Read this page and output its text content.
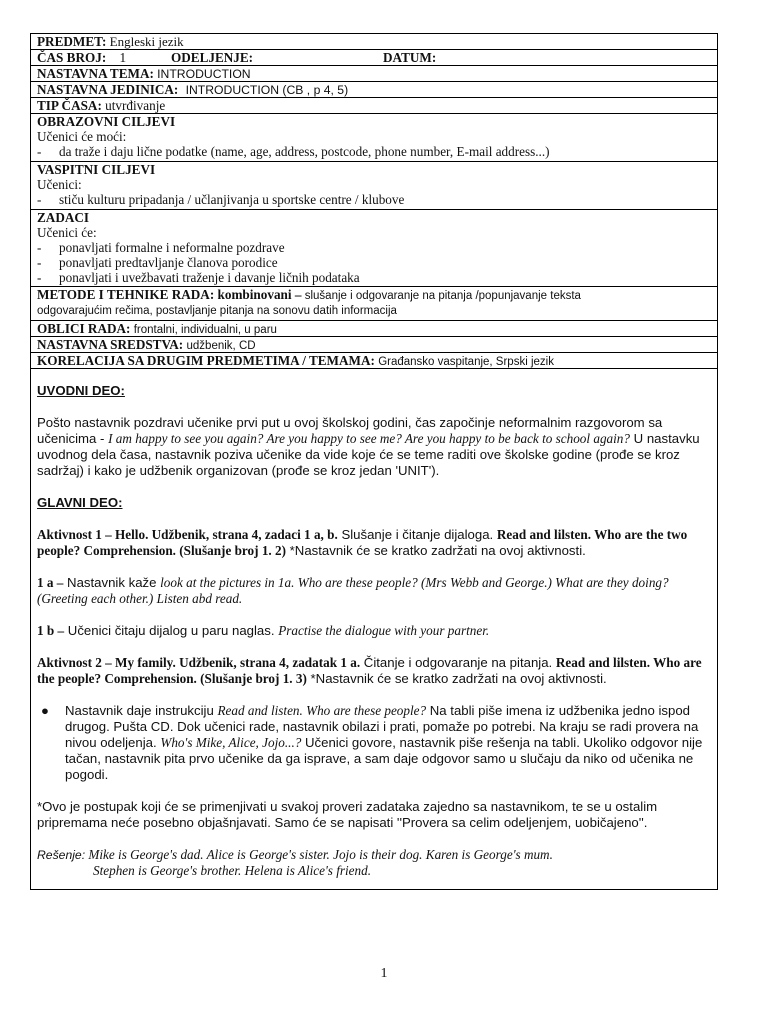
PREDMET: Engleski jezik
ČAS BROJ: 1	ODELJENJE:	DATUM:
NASTAVNA TEMA: INTRODUCTION
NASTAVNA JEDINICA: INTRODUCTION (CB , p 4, 5)
TIP ČASA: utvrđivanje
OBRAZOVNI CILJEVI
Učenici će moći:
-	da traže i daju lične podatke (name, age, address, postcode, phone number, E-mail address...)
VASPITNI CILJEVI
Učenici:
-	stiču kulturu pripadanja / učlanjivanja u sportske centre / klubove
ZADACI
Učenici će:
-	ponavljati formalne i neformalne pozdrave
-	ponavljati predtavljanje članova porodice
-	ponavljati i uvežbavati traženje i davanje ličnih podataka
METODE I TEHNIKE RADA: kombinovani – slušanje i odgovaranje na pitanja /popunjavanje teksta
odgovarajućim rečima, postavljanje pitanja na sonovu datih informacija
OBLICI RADA: frontalni, individualni, u paru
NASTAVNA SREDSTVA: udžbenik, CD
KORELACIJA SA DRUGIM PREDMETIMA / TEMAMA: Građansko vaspitanje, Srpski jezik

UVODNI DEO:

Pošto nastavnik pozdravi učenike prvi put u ovoj školskoj godini, čas započinje neformalnim razgovorom sa učenicima - I am happy to see you again? Are you happy to see me? Are you happy to be back to school again? U nastavku uvodnog dela časa, nastavnik poziva učenike da vide koje će se teme raditi ove školske godine (prođe se kroz sadržaj) i kako je udžbenik organizovan (prođe se kroz jedan 'UNIT').

GLAVNI DEO:

Aktivnost 1 – Hello. Udžbenik, strana 4, zadaci 1 a, b. Slušanje i čitanje dijaloga. Read and lilsten. Who are the two people? Comprehension. (Slušanje broj 1. 2) *Nastavnik će se kratko zadržati na ovoj aktivnosti.

1 a – Nastavnik kaže look at the pictures in 1a. Who are these people? (Mrs Webb and George.) What are they doing? (Greeting each other.) Listen abd read.

1 b – Učenici čitaju dijalog u paru naglas. Practise the dialogue with your partner.

Aktivnost 2 – My family. Udžbenik, strana 4, zadatak 1 a. Čitanje i odgovaranje na pitanja. Read and lilsten. Who are the people? Comprehension. (Slušanje broj 1. 3) *Nastavnik će se kratko zadržati na ovoj aktivnosti.

●	Nastavnik daje instrukciju Read and listen. Who are these people? Na tabli piše imena iz udžbenika jedno ispod drugog. Pušta CD. Dok učenici rade, nastavnik obilazi i prati, pomaže po potrebi. Na kraju se radi provera na nivou odeljenja. Who's Mike, Alice, Jojo...? Učenici govore, nastavnik piše rešenja na tabli. Ukoliko odgovor nije tačan, nastavnik pita prvo učenike da ga isprave, a sam daje odgovor samo u slučaju da niko od učenika ne pogodi.

*Ovo je postupak koji će se primenjivati u svakoj proveri zadataka zajedno sa nastavnikom, te se u ostalim pripremama neće posebno objašnjavati. Samo će se napisati ''Provera sa celim odeljenjem, uobičajeno''.

Rešenje: Mike is George's dad. Alice is George's sister. Jojo is their dog. Karen is George's mum.
Stephen is George's brother. Helena is Alice's friend.
1
